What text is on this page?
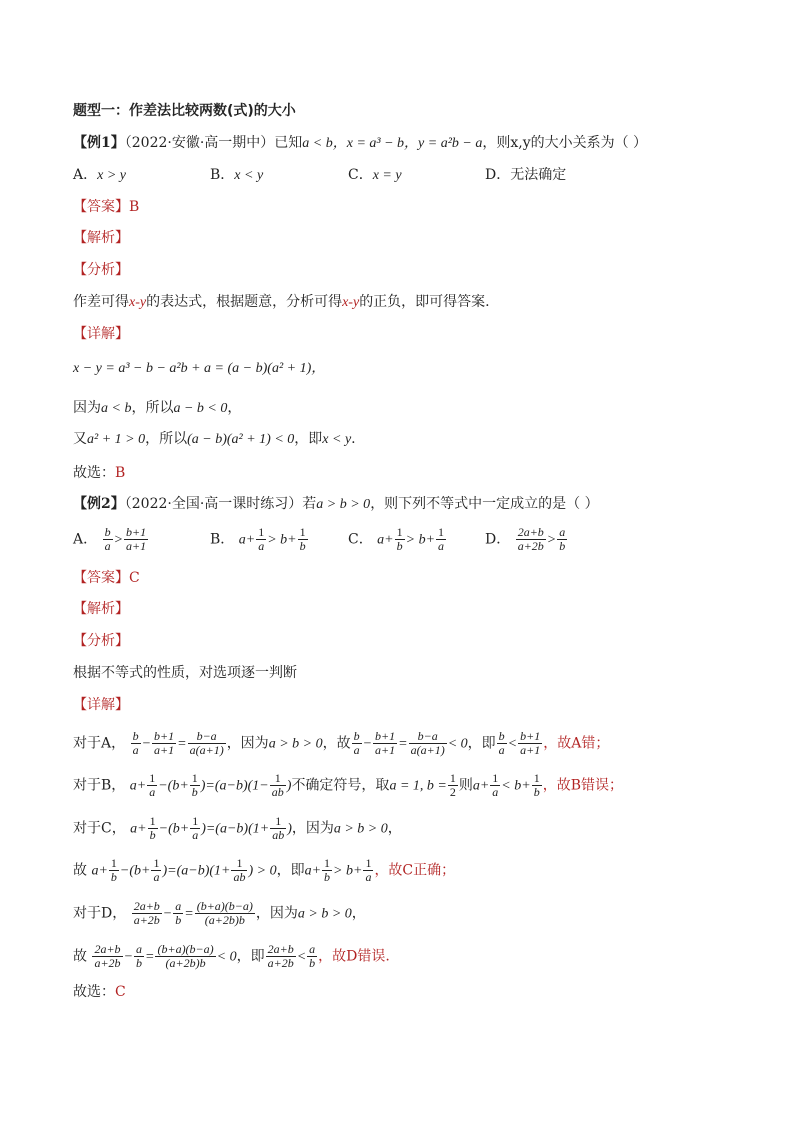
题型一：作差法比较两数(式)的大小
【例1】（2022·安徽·高一期中）已知a < b，x = a³ − b，y = a²b − a，则x,y的大小关系为（ ）
A．x > y	B．x < y	C．x = y	D．无法确定
【答案】B
【解析】
【分析】
作差可得x-y的表达式，根据题意，分析可得x-y的正负，即可得答案.
【详解】
x − y = a³ − b − a²b + a = (a − b)(a² + 1)，
因为a < b，所以a − b < 0，
又a² + 1 > 0，所以(a − b)(a² + 1) < 0，即x < y.
故选：B
【例2】（2022·全国·高一课时练习）若a > b > 0，则下列不等式中一定成立的是（ ）
A． $\frac{b}{a} > \frac{b+1}{a+1}$	B． $a+ \frac{1}{a} > b+ \frac{1}{b}$	C． $a+ \frac{1}{b} > b+ \frac{1}{a}$	D． $\frac{2a+b}{a+2b} > \frac{a}{b}$
【答案】C
【解析】
【分析】
根据不等式的性质，对选项逐一判断
【详解】
对于A， $\frac{b}{a} - \frac{b+1}{a+1} = \frac{b-a}{a(a+1)}$ ，因为a > b > 0，故 $\frac{b}{a} - \frac{b+1}{a+1} = \frac{b-a}{a(a+1)} < 0$，即 $\frac{b}{a} < \frac{b+1}{a+1}$ ，故A错；
对于B， $a+ \frac{1}{a} -(b+ \frac{1}{b} )=(a-b)(1- \frac{1}{ab}$ )不确定符号，取a = 1, $b = \frac{1}{2}$ 则$a+ \frac{1}{a} < b+ \frac{1}{b}$ ，故B错误；
对于C， $a+ \frac{1}{b} -(b+ \frac{1}{a} )=(a-b)(1+ \frac{1}{ab}$ )，因为a > b > 0，
故 $a+ \frac{1}{b} -(b+ \frac{1}{a} )=(a-b)(1+ \frac{1}{ab}$ ) > 0，即$a+ \frac{1}{b} > b+ \frac{1}{a}$ ，故C正确；
对于D， $\frac{2a+b}{a+2b} - \frac{a}{b} = \frac{(b+a)(b-a)}{(a+2b)b}$ ，因为a > b > 0，
故 $\frac{2a+b}{a+2b} - \frac{a}{b} = \frac{(b+a)(b-a)}{(a+2b)b} < 0$，即 $\frac{2a+b}{a+2b} < \frac{a}{b}$ ，故D错误.
故选：C
